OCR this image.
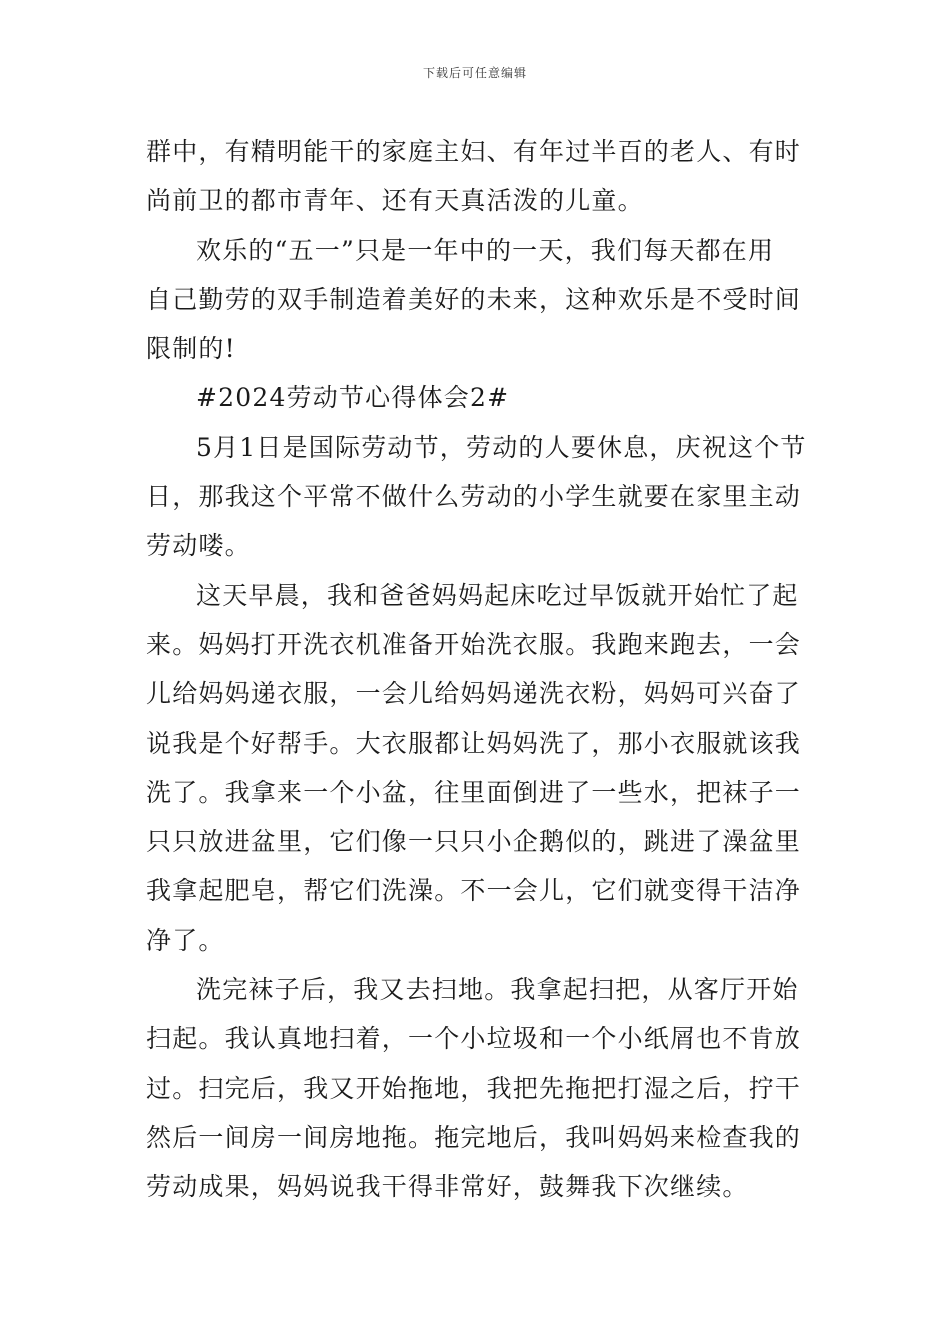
下载后可任意编辑
群中，有精明能干的家庭主妇、有年过半百的老人、有时
尚前卫的都市青年、还有天真活泼的儿童。
欢乐的“五一”只是一年中的一天，我们每天都在用
自己勤劳的双手制造着美好的未来，这种欢乐是不受时间
限制的!
#2024劳动节心得体会2#
5月1日是国际劳动节，劳动的人要休息，庆祝这个节
日，那我这个平常不做什么劳动的小学生就要在家里主动
劳动喽。
这天早晨，我和爸爸妈妈起床吃过早饭就开始忙了起
来。妈妈打开洗衣机准备开始洗衣服。我跑来跑去，一会
儿给妈妈递衣服，一会儿给妈妈递洗衣粉，妈妈可兴奋了
说我是个好帮手。大衣服都让妈妈洗了，那小衣服就该我
洗了。我拿来一个小盆，往里面倒进了一些水，把袜子一
只只放进盆里，它们像一只只小企鹅似的，跳进了澡盆里
我拿起肥皂，帮它们洗澡。不一会儿，它们就变得干洁净
净了。
洗完袜子后，我又去扫地。我拿起扫把，从客厅开始
扫起。我认真地扫着，一个小垃圾和一个小纸屑也不肯放
过。扫完后，我又开始拖地，我把先拖把打湿之后，拧干
然后一间房一间房地拖。拖完地后，我叫妈妈来检查我的
劳动成果，妈妈说我干得非常好，鼓舞我下次继续。
